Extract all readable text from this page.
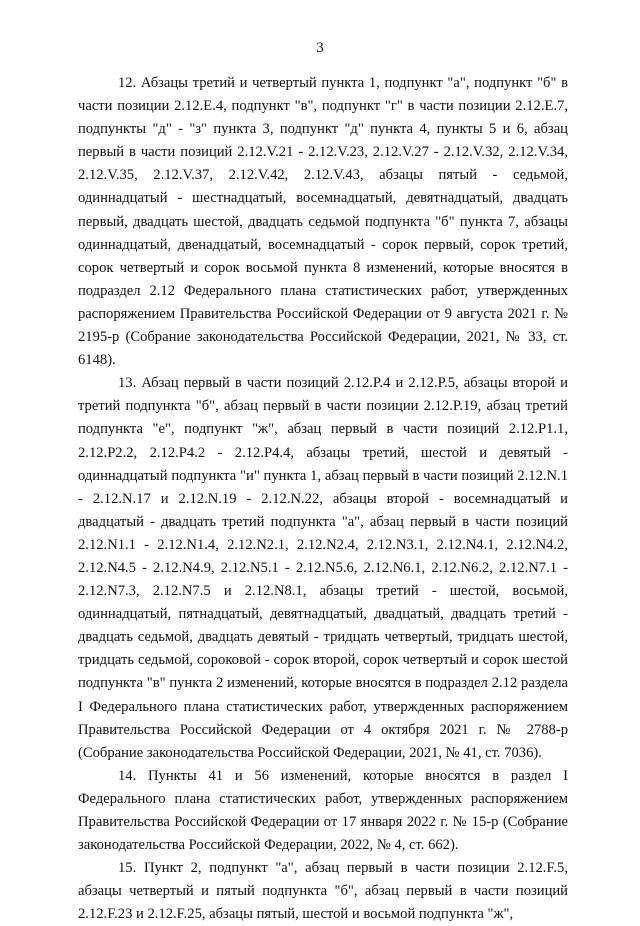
3

12. Абзацы третий и четвертый пункта 1, подпункт "а", подпункт "б" в части позиции 2.12.E.4, подпункт "в", подпункт "г" в части позиции 2.12.E.7, подпункты "д" - "з" пункта 3, подпункт "д" пункта 4, пункты 5 и 6, абзац первый в части позиций 2.12.V.21 - 2.12.V.23, 2.12.V.27 - 2.12.V.32, 2.12.V.34, 2.12.V.35, 2.12.V.37, 2.12.V.42, 2.12.V.43, абзацы пятый - седьмой, одиннадцатый - шестнадцатый, восемнадцатый, девятнадцатый, двадцать первый, двадцать шестой, двадцать седьмой подпункта "б" пункта 7, абзацы одиннадцатый, двенадцатый, восемнадцатый - сорок первый, сорок третий, сорок четвертый и сорок восьмой пункта 8 изменений, которые вносятся в подраздел 2.12 Федерального плана статистических работ, утвержденных распоряжением Правительства Российской Федерации от 9 августа 2021 г. № 2195-р (Собрание законодательства Российской Федерации, 2021, № 33, ст. 6148).

13. Абзац первый в части позиций 2.12.P.4 и 2.12.P.5, абзацы второй и третий подпункта "б", абзац первый в части позиции 2.12.P.19, абзац третий подпункта "е", подпункт "ж", абзац первый в части позиций 2.12.P1.1, 2.12.P2.2, 2.12.P4.2 - 2.12.P4.4, абзацы третий, шестой и девятый - одиннадцатый подпункта "и" пункта 1, абзац первый в части позиций 2.12.N.1 - 2.12.N.17 и 2.12.N.19 - 2.12.N.22, абзацы второй - восемнадцатый и двадцатый - двадцать третий подпункта "а", абзац первый в части позиций 2.12.N1.1 - 2.12.N1.4, 2.12.N2.1, 2.12.N2.4, 2.12.N3.1, 2.12.N4.1, 2.12.N4.2, 2.12.N4.5 - 2.12.N4.9, 2.12.N5.1 - 2.12.N5.6, 2.12.N6.1, 2.12.N6.2, 2.12.N7.1 - 2.12.N7.3, 2.12.N7.5 и 2.12.N8.1, абзацы третий - шестой, восьмой, одиннадцатый, пятнадцатый, девятнадцатый, двадцатый, двадцать третий - двадцать седьмой, двадцать девятый - тридцать четвертый, тридцать шестой, тридцать седьмой, сороковой - сорок второй, сорок четвертый и сорок шестой подпункта "в" пункта 2 изменений, которые вносятся в подраздел 2.12 раздела I Федерального плана статистических работ, утвержденных распоряжением Правительства Российской Федерации от 4 октября 2021 г. № 2788-р (Собрание законодательства Российской Федерации, 2021, № 41, ст. 7036).

14. Пункты 41 и 56 изменений, которые вносятся в раздел I Федерального плана статистических работ, утвержденных распоряжением Правительства Российской Федерации от 17 января 2022 г. № 15-р (Собрание законодательства Российской Федерации, 2022, № 4, ст. 662).

15. Пункт 2, подпункт "а", абзац первый в части позиции 2.12.F.5, абзацы четвертый и пятый подпункта "б", абзац первый в части позиций 2.12.F.23 и 2.12.F.25, абзацы пятый, шестой и восьмой подпункта "ж",
